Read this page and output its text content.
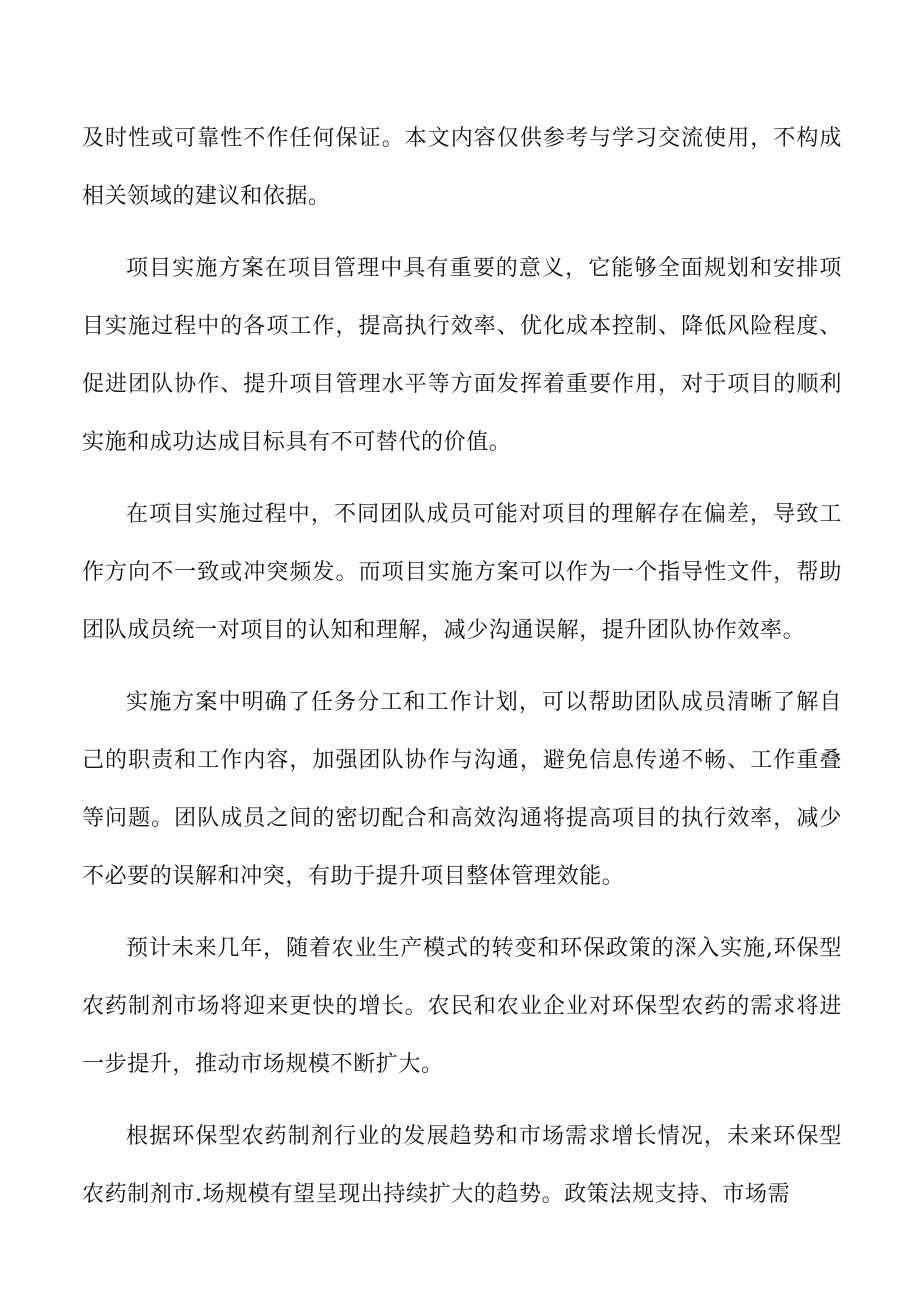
及时性或可靠性不作任何保证。本文内容仅供参考与学习交流使用，不构成相关领域的建议和依据。

项目实施方案在项目管理中具有重要的意义，它能够全面规划和安排项目实施过程中的各项工作，提高执行效率、优化成本控制、降低风险程度、促进团队协作、提升项目管理水平等方面发挥着重要作用，对于项目的顺利实施和成功达成目标具有不可替代的价值。

在项目实施过程中，不同团队成员可能对项目的理解存在偏差，导致工作方向不一致或冲突频发。而项目实施方案可以作为一个指导性文件，帮助团队成员统一对项目的认知和理解，减少沟通误解，提升团队协作效率。

实施方案中明确了任务分工和工作计划，可以帮助团队成员清晰了解自己的职责和工作内容，加强团队协作与沟通，避免信息传递不畅、工作重叠等问题。团队成员之间的密切配合和高效沟通将提高项目的执行效率，减少不必要的误解和冲突，有助于提升项目整体管理效能。

预计未来几年，随着农业生产模式的转变和环保政策的深入实施,环保型农药制剂市场将迎来更快的增长。农民和农业企业对环保型农药的需求将进一步提升，推动市场规模不断扩大。

根据环保型农药制剂行业的发展趋势和市场需求增长情况，未来环保型农药制剂市.场规模有望呈现出持续扩大的趋势。政策法规支持、市场需
